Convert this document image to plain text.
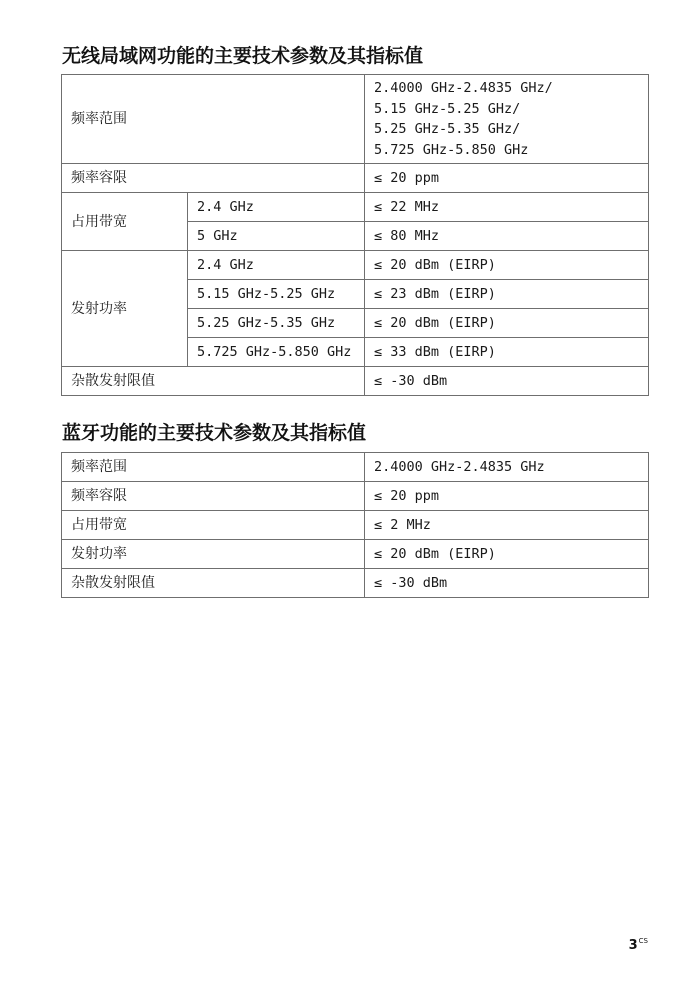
无线局域网功能的主要技术参数及其指标值
频率范围		2.4000 GHz-2.4835 GHz/
5.15 GHz-5.25 GHz/
5.25 GHz-5.35 GHz/
5.725 GHz-5.850 GHz

频率容限		≤ 20 ppm
占用带宽	2.4 GHz	≤ 22 MHz
	5 GHz	≤ 80 MHz
发射功率	2.4 GHz	≤ 20 dBm (EIRP)
	5.15 GHz-5.25 GHz	≤ 23 dBm (EIRP)
	5.25 GHz-5.35 GHz	≤ 20 dBm (EIRP)
	5.725 GHz-5.850 GHz	≤ 33 dBm (EIRP)
杂散发射限值		≤ -30 dBm
蓝牙功能的主要技术参数及其指标值
频率范围	2.4000 GHz-2.4835 GHz
频率容限	≤ 20 ppm
占用带宽	≤ 2 MHz
发射功率	≤ 20 dBm (EIRP)
杂散发射限值	≤ -30 dBm
$3^{CS}$
